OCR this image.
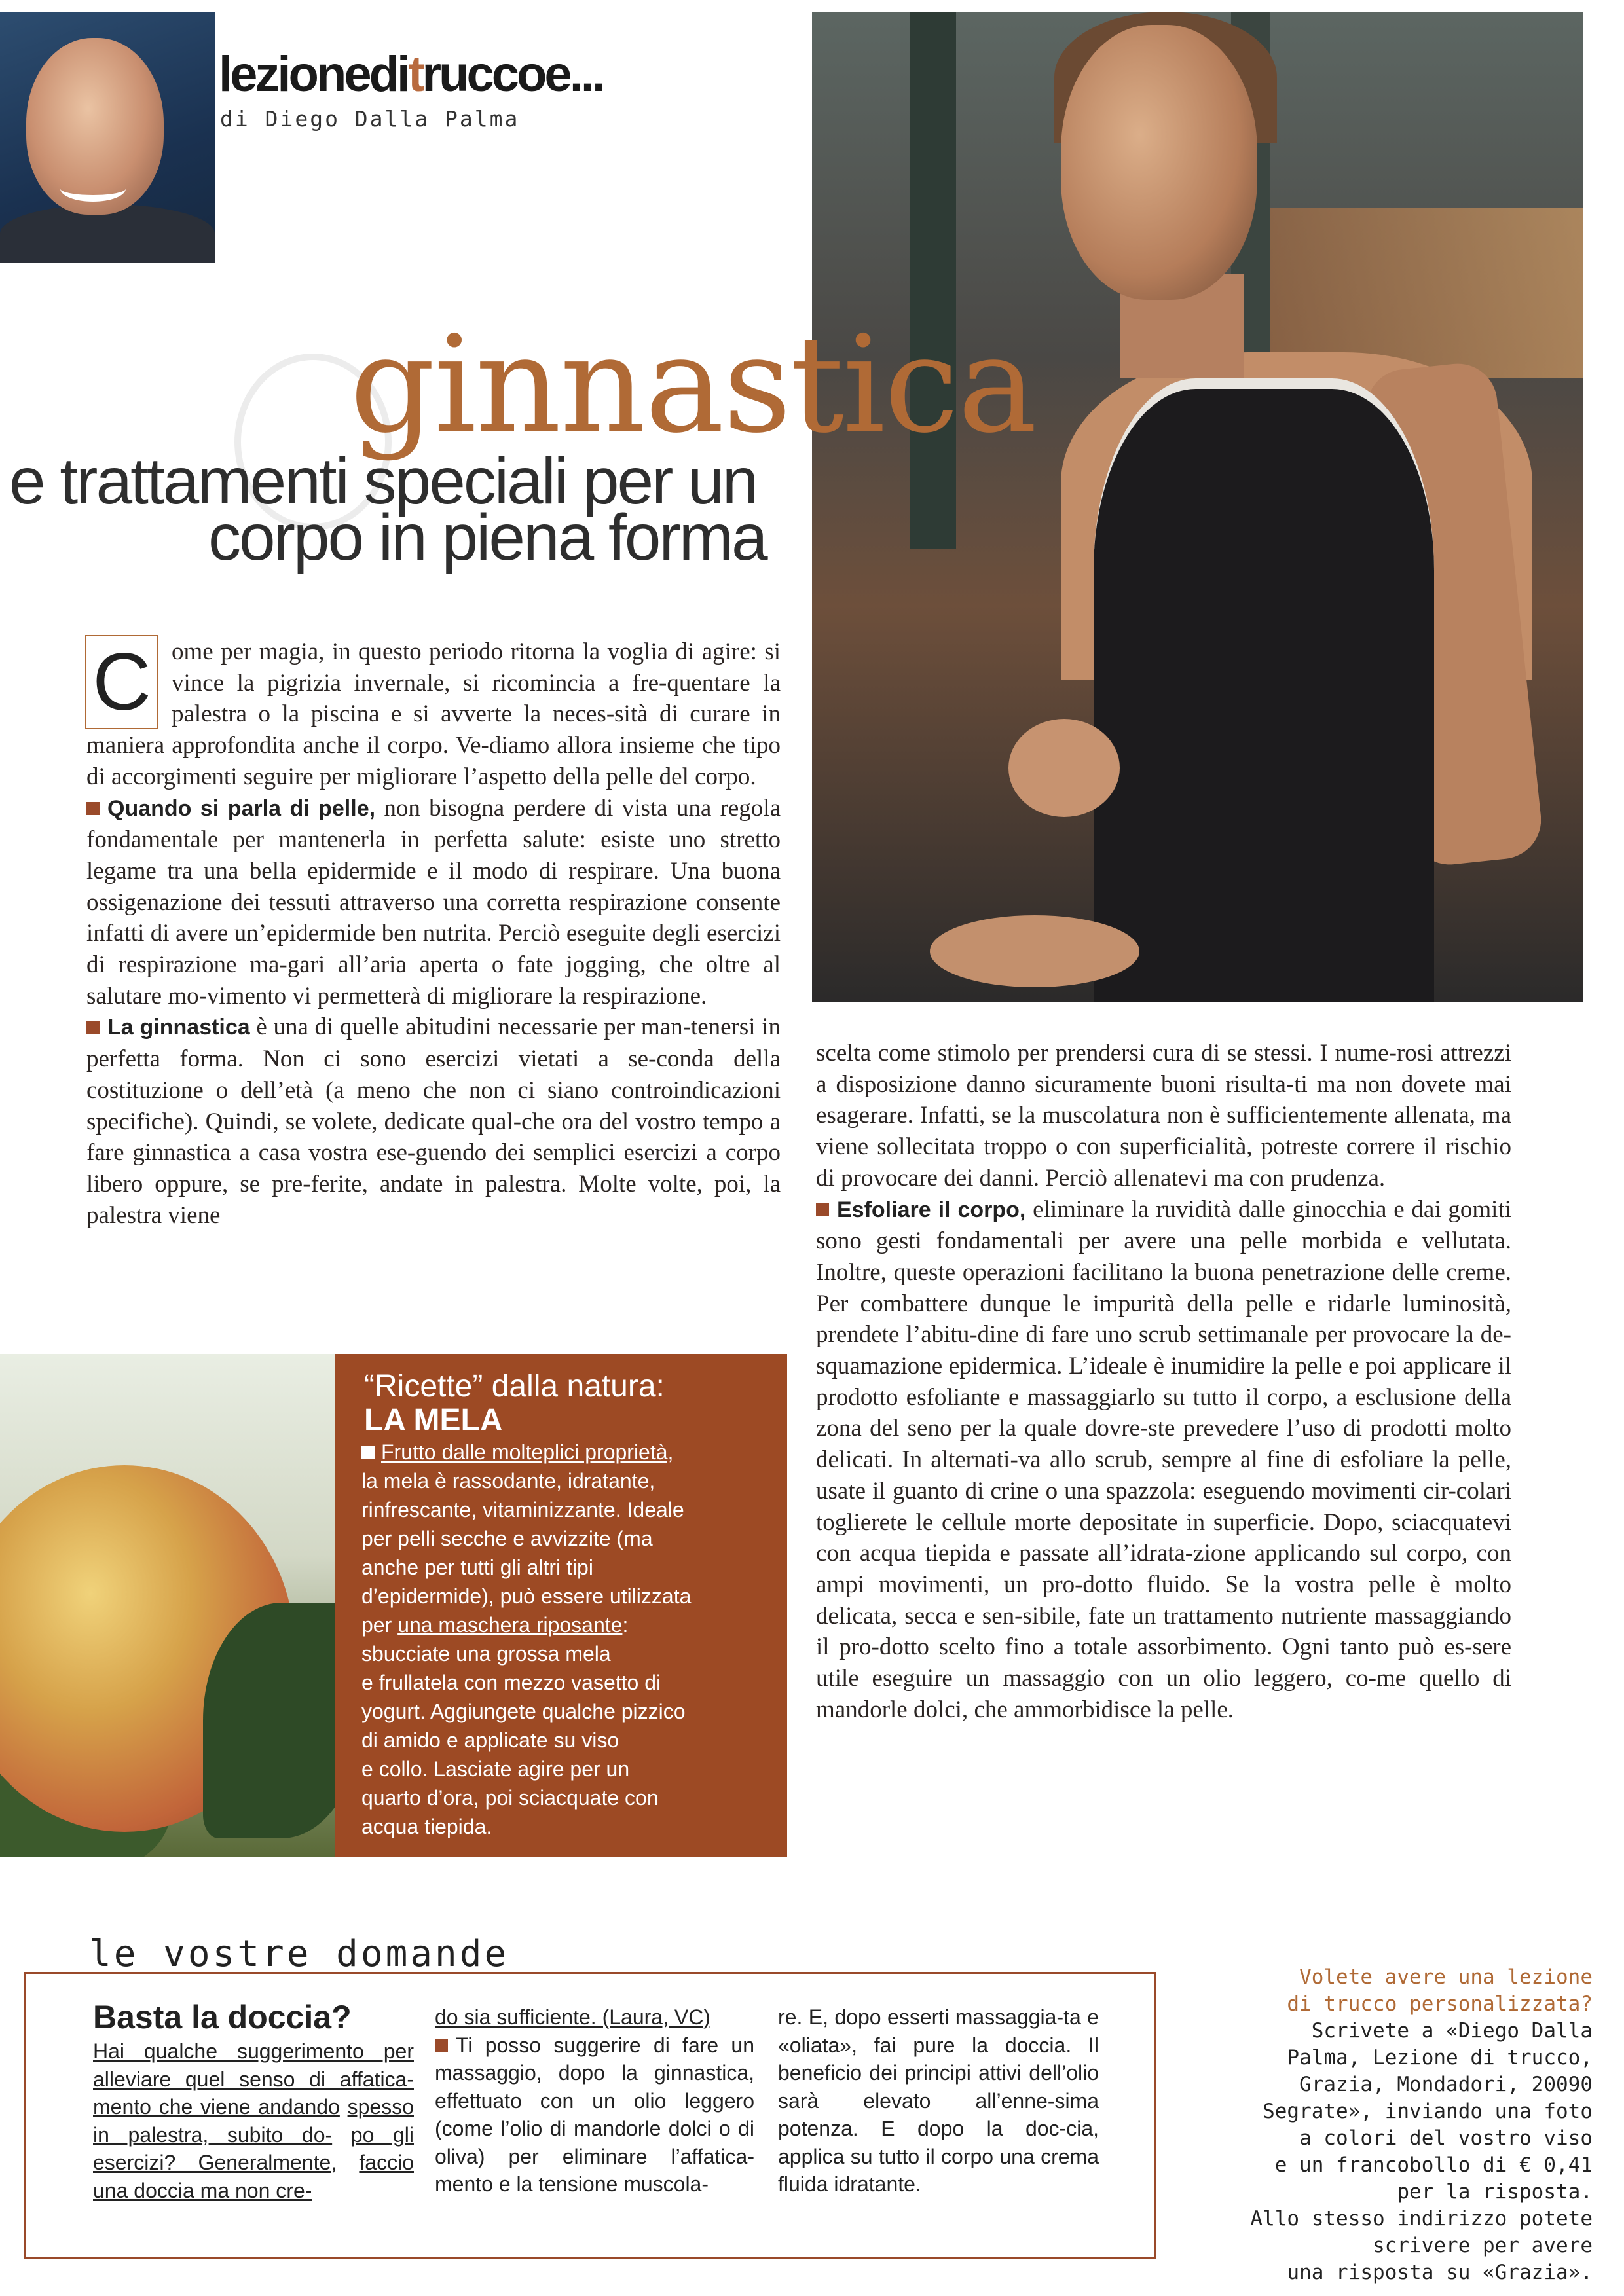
lezioneditruccoe...
di Diego Dalla Palma
ginnastica
e trattamenti speciali per un
corpo in piena forma
C ome per magia, in questo periodo ritorna la voglia di agire: si vince la pigrizia invernale, si ricomincia a fre-quentare la palestra o la piscina e si avverte la neces-sità di curare in maniera approfondita anche il corpo. Ve-diamo allora insieme che tipo di accorgimenti seguire per migliorare l’aspetto della pelle del corpo.

Quando si parla di pelle, non bisogna perdere di vista una regola fondamentale per mantenerla in perfetta salute: esiste uno stretto legame tra una bella epidermide e il modo di respirare. Una buona ossigenazione dei tessuti attraverso una corretta respirazione consente infatti di avere un’epidermide ben nutrita. Perciò eseguite degli esercizi di respirazione ma-gari all’aria aperta o fate jogging, che oltre al salutare mo-vimento vi permetterà di migliorare la respirazione.

La ginnastica è una di quelle abitudini necessarie per man-tenersi in perfetta forma. Non ci sono esercizi vietati a se-conda della costituzione o dell’età (a meno che non ci siano controindicazioni specifiche). Quindi, se volete, dedicate qual-che ora del vostro tempo a fare ginnastica a casa vostra ese-guendo dei semplici esercizi a corpo libero oppure, se pre-ferite, andate in palestra. Molte volte, poi, la palestra viene

scelta come stimolo per prendersi cura di se stessi. I nume-rosi attrezzi a disposizione danno sicuramente buoni risulta-ti ma non dovete mai esagerare. Infatti, se la muscolatura non è sufficientemente allenata, ma viene sollecitata troppo o con superficialità, potreste correre il rischio di provocare dei danni. Perciò allenatevi ma con prudenza.

Esfoliare il corpo, eliminare la ruvidità dalle ginocchia e dai gomiti sono gesti fondamentali per avere una pelle morbida e vellutata. Inoltre, queste operazioni facilitano la buona penetrazione delle creme. Per combattere dunque le impurità della pelle e ridarle luminosità, prendete l’abitu-dine di fare uno scrub settimanale per provocare la de-squamazione epidermica. L’ideale è inumidire la pelle e poi applicare il prodotto esfoliante e massaggiarlo su tutto il corpo, a esclusione della zona del seno per la quale dovre-ste prevedere l’uso di prodotti molto delicati. In alternati-va allo scrub, sempre al fine di esfoliare la pelle, usate il guanto di crine o una spazzola: eseguendo movimenti cir-colari toglierete le cellule morte depositate in superficie. Dopo, sciacquatevi con acqua tiepida e passate all’idrata-zione applicando sul corpo, con ampi movimenti, un pro-dotto fluido. Se la vostra pelle è molto delicata, secca e sen-sibile, fate un trattamento nutriente massaggiando il pro-dotto scelto fino a totale assorbimento. Ogni tanto può es-sere utile eseguire un massaggio con un olio leggero, co-me quello di mandorle dolci, che ammorbidisce la pelle.

“Ricette” dalla natura:
LA MELA
Frutto dalle molteplici proprietà,
la mela è rassodante, idratante,
rinfrescante, vitaminizzante. Ideale
per pelli secche e avvizzite (ma
anche per tutti gli altri tipi
d’epidermide), può essere utilizzata
per una maschera riposante:
sbucciate una grossa mela
e frullatela con mezzo vasetto di
yogurt. Aggiungete qualche pizzico
di amido e applicate su viso
e collo. Lasciate agire per un
quarto d’ora, poi sciacquate con
acqua tiepida.
le vostre domande
Basta la doccia?

Hai qualche suggerimento per alleviare quel senso di affatica- mento che viene andando spesso in palestra, subito do- po gli esercizi? Generalmente, faccio una doccia ma non cre-

do sia sufficiente. (Laura, VC)

Ti posso suggerire di fare un massaggio, dopo la ginnastica, effettuato con un olio leggero (come l’olio di mandorle dolci o di oliva) per eliminare l’affatica- mento e la tensione muscola-

re. E, dopo esserti massaggia-ta e «oliata», fai pure la doccia. Il beneficio dei principi attivi dell’olio sarà elevato all’enne-sima potenza. E dopo la doc-cia, applica su tutto il corpo una crema fluida idratante.

Volete avere una lezione

di trucco personalizzata?

Scrivete a «Diego Dalla

Palma, Lezione di trucco,

Grazia, Mondadori, 20090

Segrate», inviando una foto

a colori del vostro viso

e un francobollo di € 0,41

per la risposta.

Allo stesso indirizzo potete

scrivere per avere

una risposta su «Grazia».
